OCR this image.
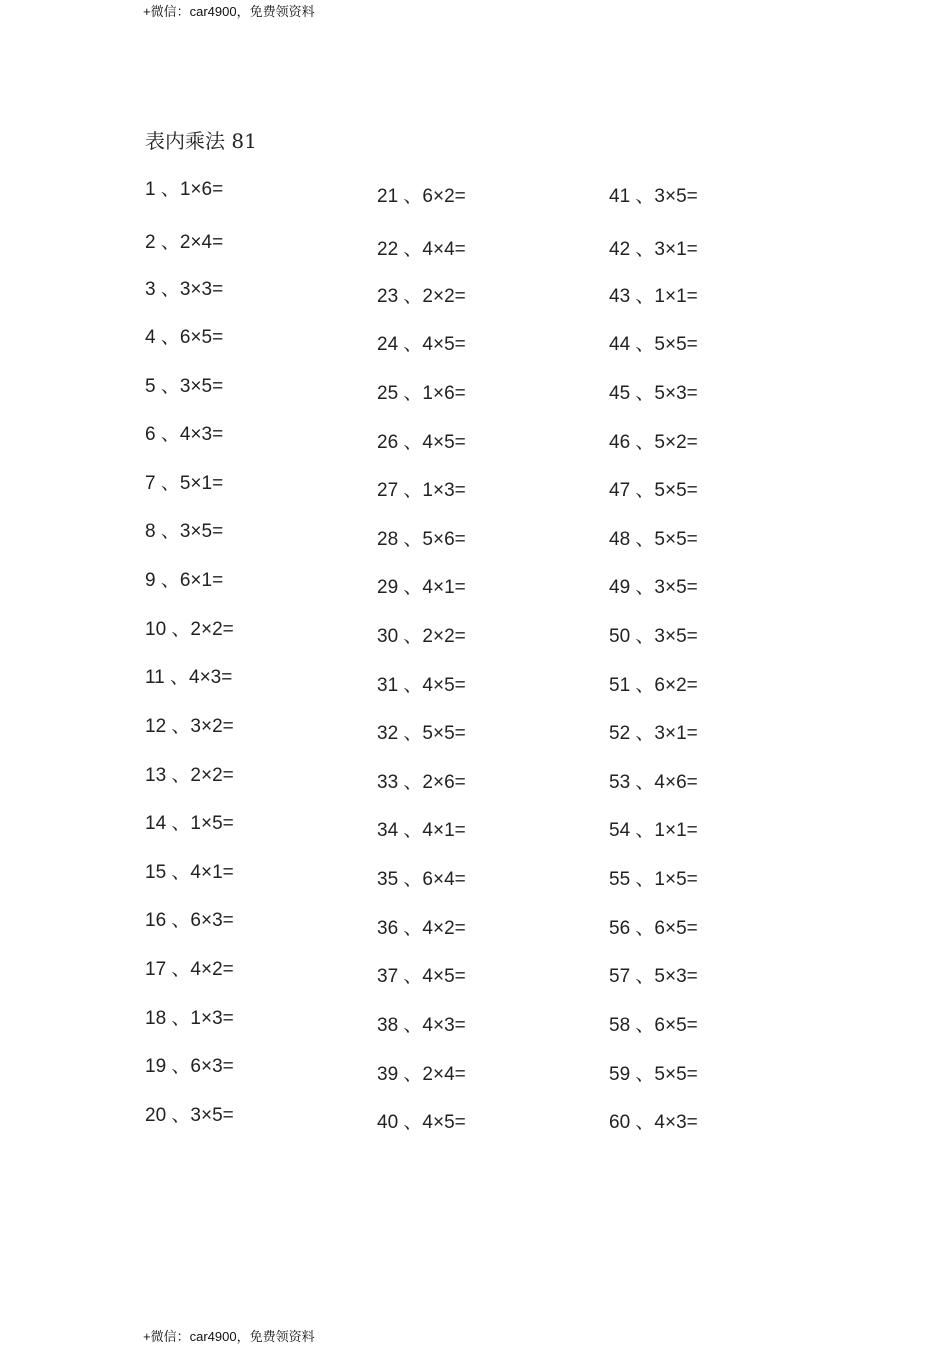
+微信：car4900，免费领资料
表内乘法 81
1 、1×6=
2 、2×4=
3 、3×3=
4 、6×5=
5 、3×5=
6 、4×3=
7 、5×1=
8 、3×5=
9 、6×1=
10 、2×2=
11 、4×3=
12 、3×2=
13 、2×2=
14 、1×5=
15 、4×1=
16 、6×3=
17 、4×2=
18 、1×3=
19 、6×3=
20 、3×5=
21 、6×2=
22 、4×4=
23 、2×2=
24 、4×5=
25 、1×6=
26 、4×5=
27 、1×3=
28 、5×6=
29 、4×1=
30 、2×2=
31 、4×5=
32 、5×5=
33 、2×6=
34 、4×1=
35 、6×4=
36 、4×2=
37 、4×5=
38 、4×3=
39 、2×4=
40 、4×5=
41 、3×5=
42 、3×1=
43 、1×1=
44 、5×5=
45 、5×3=
46 、5×2=
47 、5×5=
48 、5×5=
49 、3×5=
50 、3×5=
51 、6×2=
52 、3×1=
53 、4×6=
54 、1×1=
55 、1×5=
56 、6×5=
57 、5×3=
58 、6×5=
59 、5×5=
60 、4×3=
+微信：car4900，免费领资料
